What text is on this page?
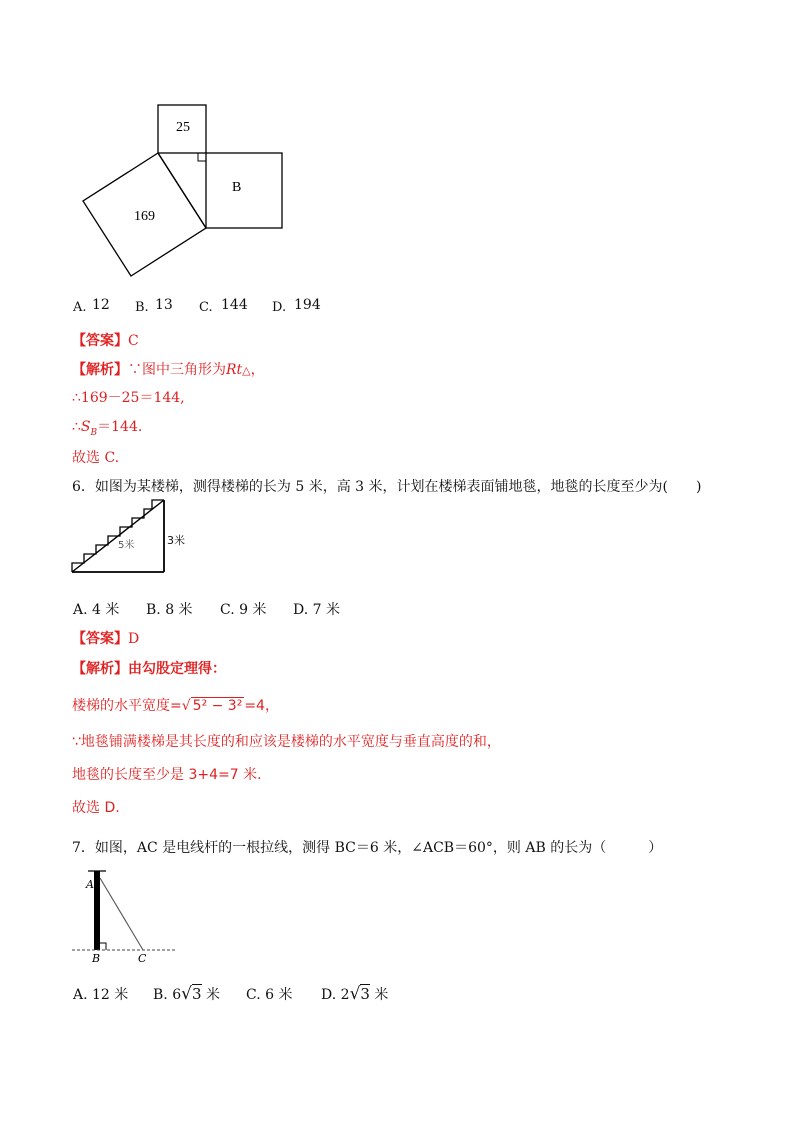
25
B
169
A. 12 B. 13 C. 144 D. 194
【答案】C
【解析】∵图中三角形为Rt△，
∴169－25＝144,
$\therefore S_B=144$.
故选 C.
6．如图为某楼梯，测得楼梯的长为 5 米，高 3 米，计划在楼梯表面铺地毯，地毯的长度至少为(　　)
5米	3米
A. 4 米 B. 8 米 C. 9 米 D. 7 米
【答案】D
【解析】由勾股定理得：
楼梯的水平宽度=√ 5² − 3² =4，
∵地毯铺满楼梯是其长度的和应该是楼梯的水平宽度与垂直高度的和，
地毯的长度至少是 3+4=7 米.
故选 D.
7．如图，AC 是电线杆的一根拉线，测得 BC＝6 米，∠ACB＝60°，则 AB 的长为（　　　）
A
B	C
A. 12 米 B. 6√3 米 C. 6 米 D. 2√3 米
